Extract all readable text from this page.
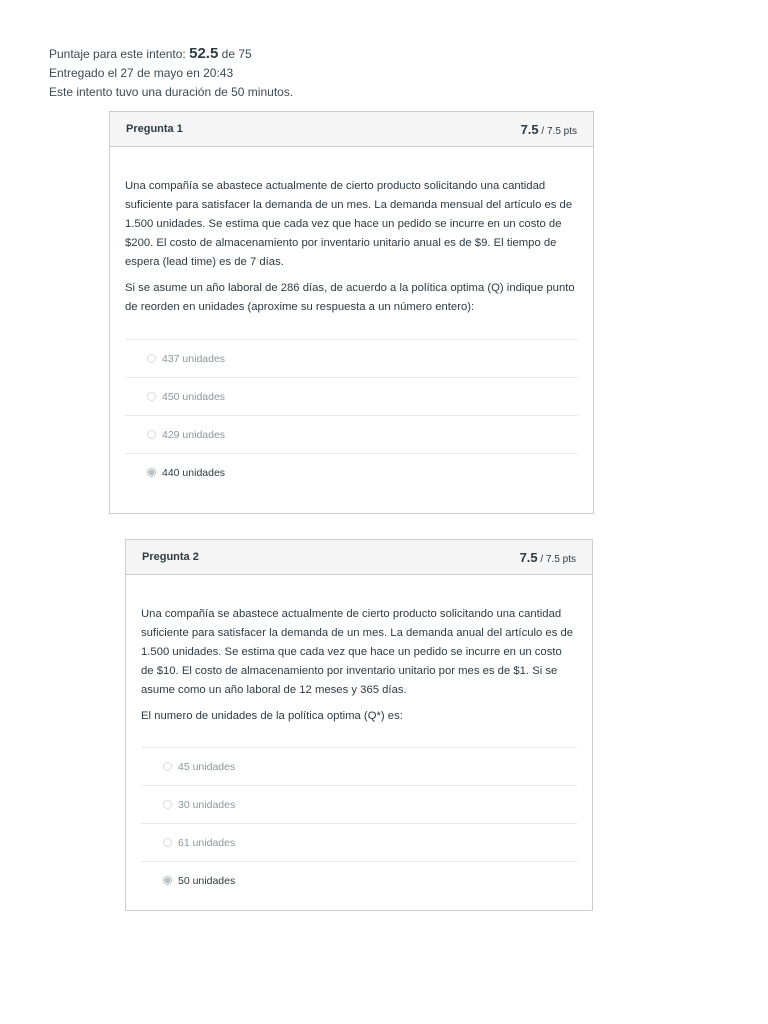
Puntaje para este intento: 52.5 de 75
Entregado el 27 de mayo en 20:43
Este intento tuvo una duración de 50 minutos.
Pregunta 1	7.5 / 7.5 pts

Una compañía se abastece actualmente de cierto producto solicitando una cantidad suficiente para satisfacer la demanda de un mes. La demanda mensual del artículo es de 1.500 unidades. Se estima que cada vez que hace un pedido se incurre en un costo de $200. El costo de almacenamiento por inventario unitario anual es de $9. El tiempo de espera (lead time) es de 7 días.

Si se asume un año laboral de 286 días, de acuerdo a la política optima (Q) indique punto de reorden en unidades (aproxime su respuesta a un número entero):

437 unidades
450 unidades
429 unidades
440 unidades
Pregunta 2	7.5 / 7.5 pts

Una compañía se abastece actualmente de cierto producto solicitando una cantidad suficiente para satisfacer la demanda de un mes. La demanda anual del artículo es de 1.500 unidades. Se estima que cada vez que hace un pedido se incurre en un costo de $10. El costo de almacenamiento por inventario unitario por mes es de $1. Si se asume como un año laboral de 12 meses y 365 días.

El numero de unidades de la política optima (Q*) es:

45 unidades
30 unidades
61 unidades
50 unidades
